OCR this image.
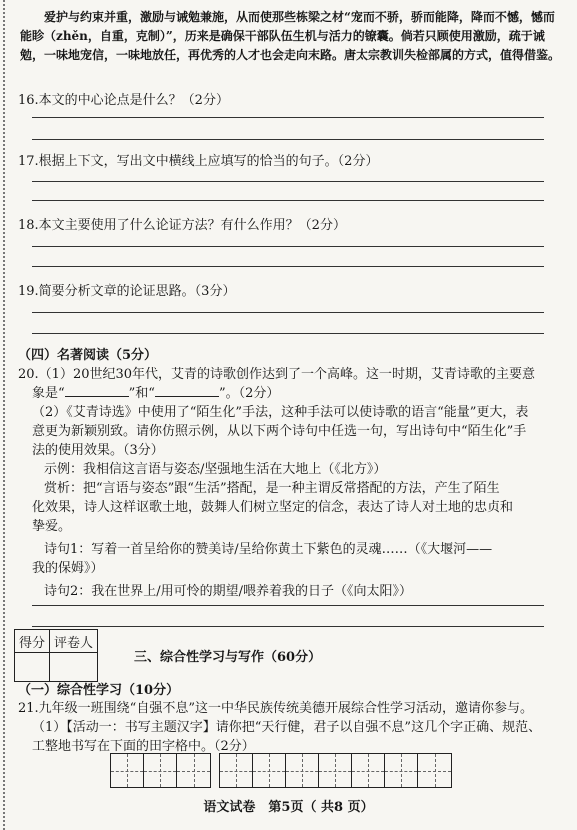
爱护与约束并重，激励与诫勉兼施，从而使那些栋梁之材“宠而不骄，骄而能降，降而不憾，憾而能眕（zhěn，自重，克制）”，历来是确保干部队伍生机与活力的镣囊。倘若只顾使用激励，疏于诫勉，一味地宠信，一味地放任，再优秀的人才也会走向末路。唐太宗教训失检部属的方式，值得借鉴。
16.本文的中心论点是什么？（2分）
17.根据上下文，写出文中横线上应填写的恰当的句子。（2分）
18.本文主要使用了什么论证方法？有什么作用？（2分）
19.简要分析文章的论证思路。（3分）
（四）名著阅读（5分）
20.（1）20世纪30年代，艾青的诗歌创作达到了一个高峰。这一时期，艾青诗歌的主要意
象是“	”和“	”。（2分）
（2）《艾青诗选》中使用了“陌生化”手法，这种手法可以使诗歌的语言“能量”更大，表
意更为新颖别致。请你仿照示例，从以下两个诗句中任选一句，写出诗句中“陌生化”手
法的使用效果。（3分）
示例：我相信这言语与姿态/坚强地生活在大地上（《北方》）
赏析：把“言语与姿态”跟“生活”搭配，是一种主谓反常搭配的方法，产生了陌生
化效果，诗人这样讴歌土地，鼓舞人们树立坚定的信念，表达了诗人对土地的忠贞和
挚爱。
诗句1：写着一首呈给你的赞美诗/呈给你黄土下紫色的灵魂……（《大堰河——
我的保姆》）
诗句2：我在世界上/用可怜的期望/喂养着我的日子（《向太阳》）
得分	评卷人

三、综合性学习与写作（60分）
（一）综合性学习（10分）
21.九年级一班围绕“自强不息”这一中华民族传统美德开展综合性学习活动，邀请你参与。
（1）【活动一：书写主题汉字】请你把“天行健，君子以自强不息”这几个字正确、规范、
工整地书写在下面的田字格中。（2分）
语文试卷　第5页（ 共8 页）
